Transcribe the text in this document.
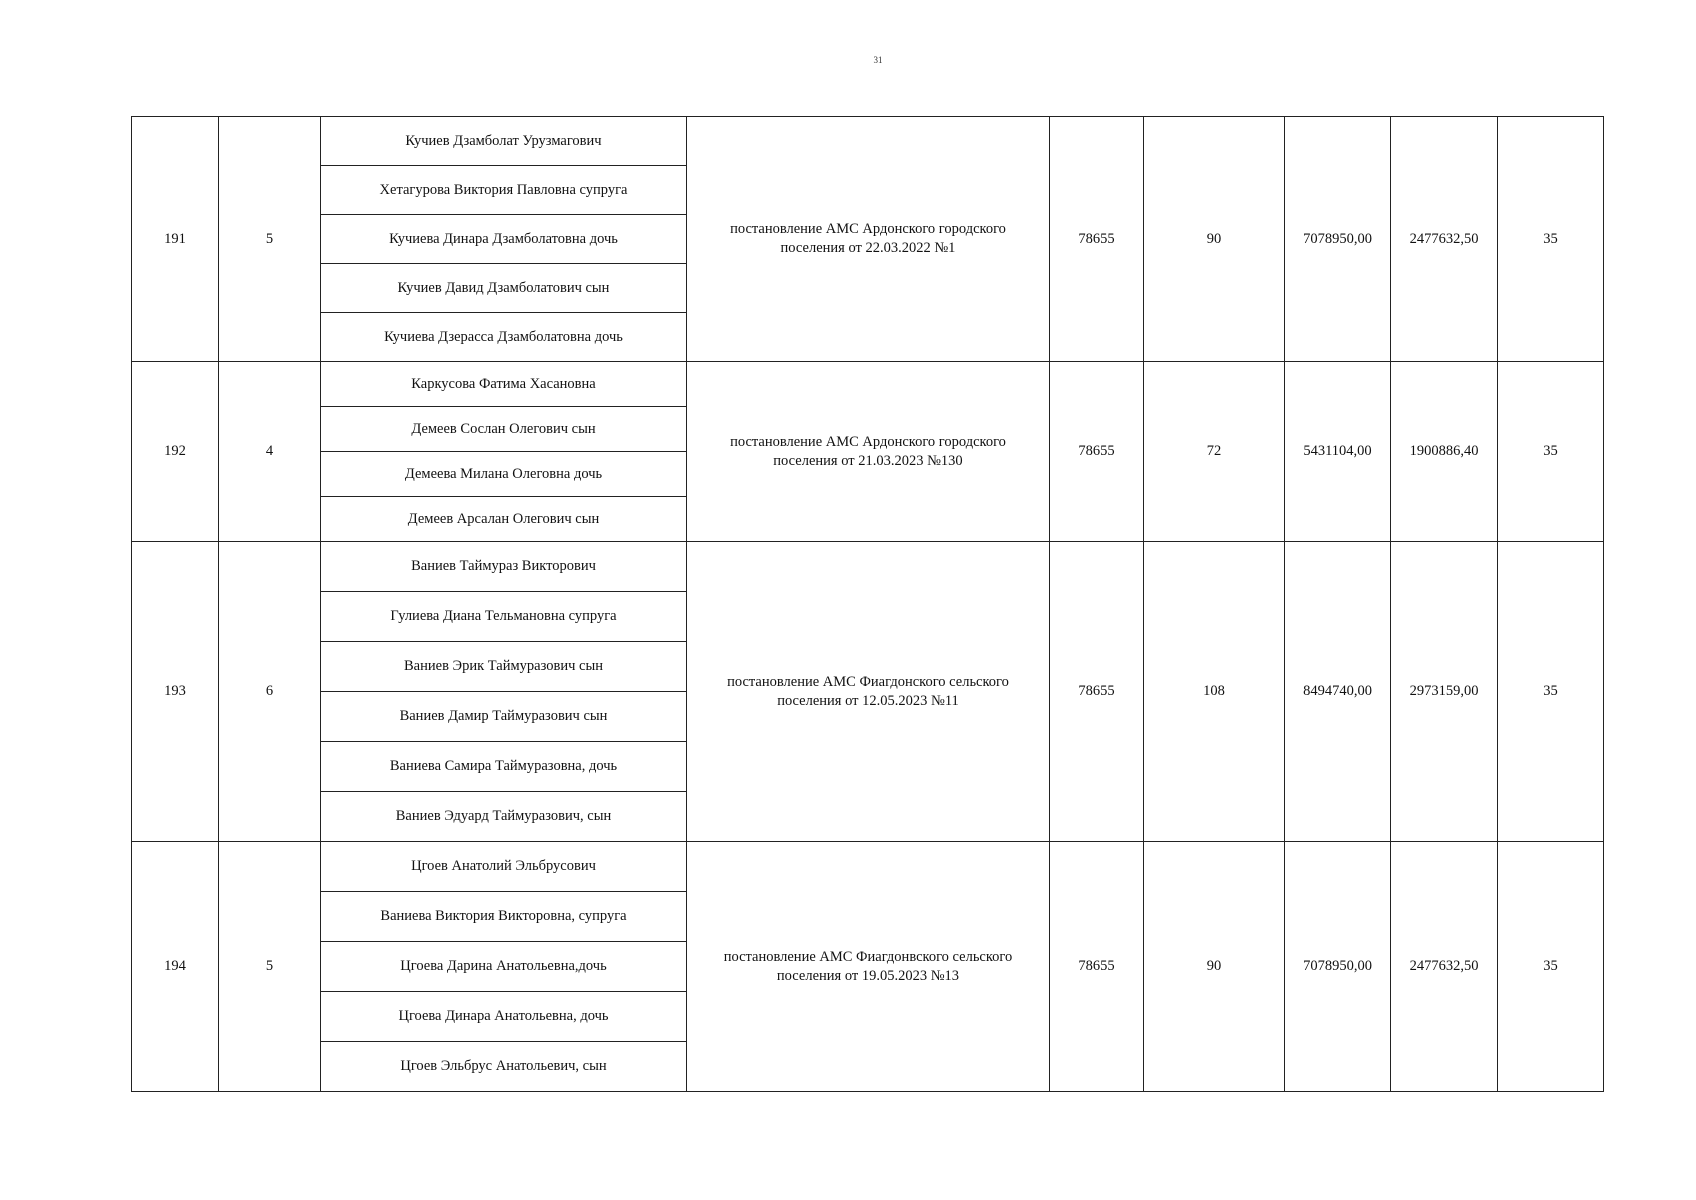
31
191	5	Кучиев Дзамболат Урузмагович	постановление АМС Ардонского городского поселения от 22.03.2022 №1	78655	90	7078950,00	2477632,50	35
		Хетагурова Виктория Павловна супруга						
		Кучиева Динара Дзамболатовна дочь						
		Кучиев Давид Дзамболатович сын						
		Кучиева Дзерасса Дзамболатовна дочь						
192	4	Каркусова Фатима Хасановна	постановление АМС Ардонского городского поселения от 21.03.2023 №130	78655	72	5431104,00	1900886,40	35
		Демеев Сослан Олегович сын						
		Демеева Милана Олеговна дочь						
		Демеев Арсалан Олегович сын						
193	6	Ваниев Таймураз Викторович	постановление АМС Фиагдонского сельского поселения от 12.05.2023 №11	78655	108	8494740,00	2973159,00	35
		Гулиева Диана Тельмановна супруга						
		Ваниев Эрик Таймуразович сын						
		Ваниев Дамир Таймуразович сын						
		Ваниева Самира Таймуразовна, дочь						
		Ваниев Эдуард Таймуразович, сын						
194	5	Цгоев Анатолий Эльбрусович	постановление АМС Фиагдонвского сельского поселения от 19.05.2023 №13	78655	90	7078950,00	2477632,50	35
		Ваниева Виктория Викторовна, супруга						
		Цгоева Дарина Анатольевна,дочь						
		Цгоева Динара Анатольевна, дочь						
		Цгоев Эльбрус Анатольевич, сын						
